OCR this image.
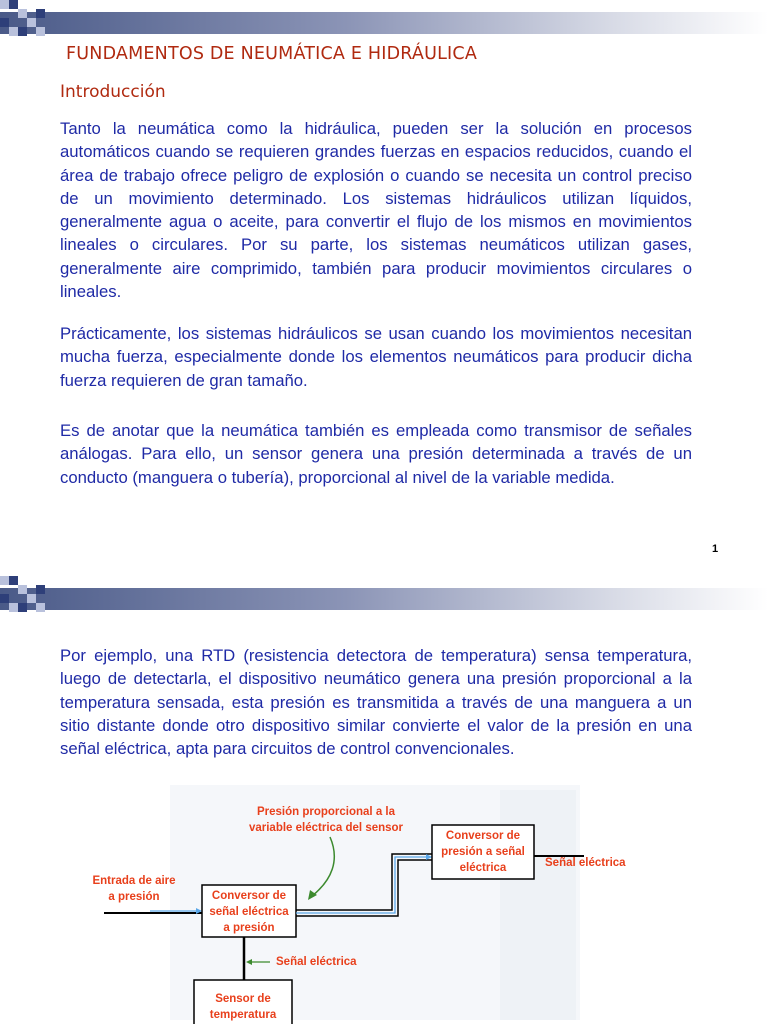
FUNDAMENTOS DE NEUMÁTICA E HIDRÁULICA
Introducción

Tanto la neumática como la hidráulica, pueden ser la solución en procesos automáticos cuando se requieren grandes fuerzas en espacios reducidos, cuando el área de trabajo ofrece peligro de explosión o cuando se necesita un control preciso de un movimiento determinado. Los sistemas hidráulicos utilizan líquidos, generalmente agua o aceite, para convertir el flujo de los mismos en movimientos lineales o circulares. Por su parte, los sistemas neumáticos utilizan gases, generalmente aire comprimido, también para producir movimientos circulares o lineales.

Prácticamente, los sistemas hidráulicos se usan cuando los movimientos necesitan mucha fuerza, especialmente donde los elementos neumáticos para producir dicha fuerza requieren de gran tamaño.

Es de anotar que la neumática también es empleada como transmisor de señales análogas. Para ello, un sensor genera una presión determinada a través de un conducto (manguera o tubería), proporcional al nivel de la variable medida.

1

Por ejemplo, una RTD (resistencia detectora de temperatura) sensa temperatura, luego de detectarla, el dispositivo neumático genera una presión proporcional a la temperatura sensada, esta presión es transmitida a través de una manguera a un sitio distante donde otro dispositivo similar convierte el valor de la presión en una señal eléctrica, apta para circuitos de control convencionales.

Presión proporcional a la
variable eléctrica del sensor
Entrada de aire
a presión	Conversor de
señal eléctrica
a presión
Conversor de
presión a señal
eléctrica	Señal eléctrica
Señal eléctrica
Sensor de
temperatura
